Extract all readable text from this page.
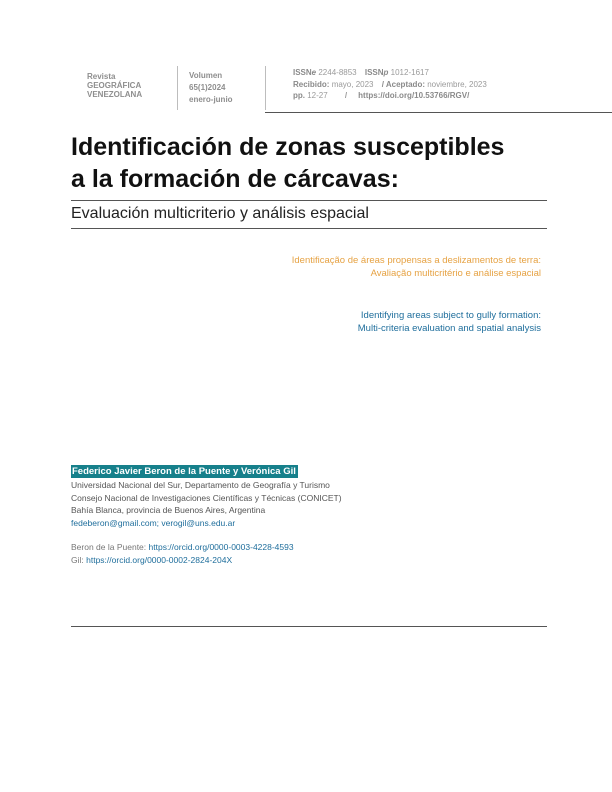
Revista
GEOGRÁFICA
VENEZOLANA
Volumen
65(1)2024
enero-junio
ISSNe 2244-8853 ISSNp 1012-1617
Recibido: mayo, 2023 / Aceptado: noviembre, 2023
pp. 12-27 / https://doi.org/10.53766/RGV/
Identificación de zonas susceptibles
a la formación de cárcavas:
Evaluación multicriterio y análisis espacial
Identificação de áreas propensas a deslizamentos de terra:
Avaliação multicritério e análise espacial
Identifying areas subject to gully formation:
Multi-criteria evaluation and spatial analysis
Federico Javier Beron de la Puente y Verónica Gil
Universidad Nacional del Sur, Departamento de Geografía y Turismo
Consejo Nacional de Investigaciones Científicas y Técnicas (CONICET)
Bahía Blanca, provincia de Buenos Aires, Argentina
fedeberon@gmail.com; verogil@uns.edu.ar
Beron de la Puente: https://orcid.org/0000-0003-4228-4593
Gil: https://orcid.org/0000-0002-2824-204X
